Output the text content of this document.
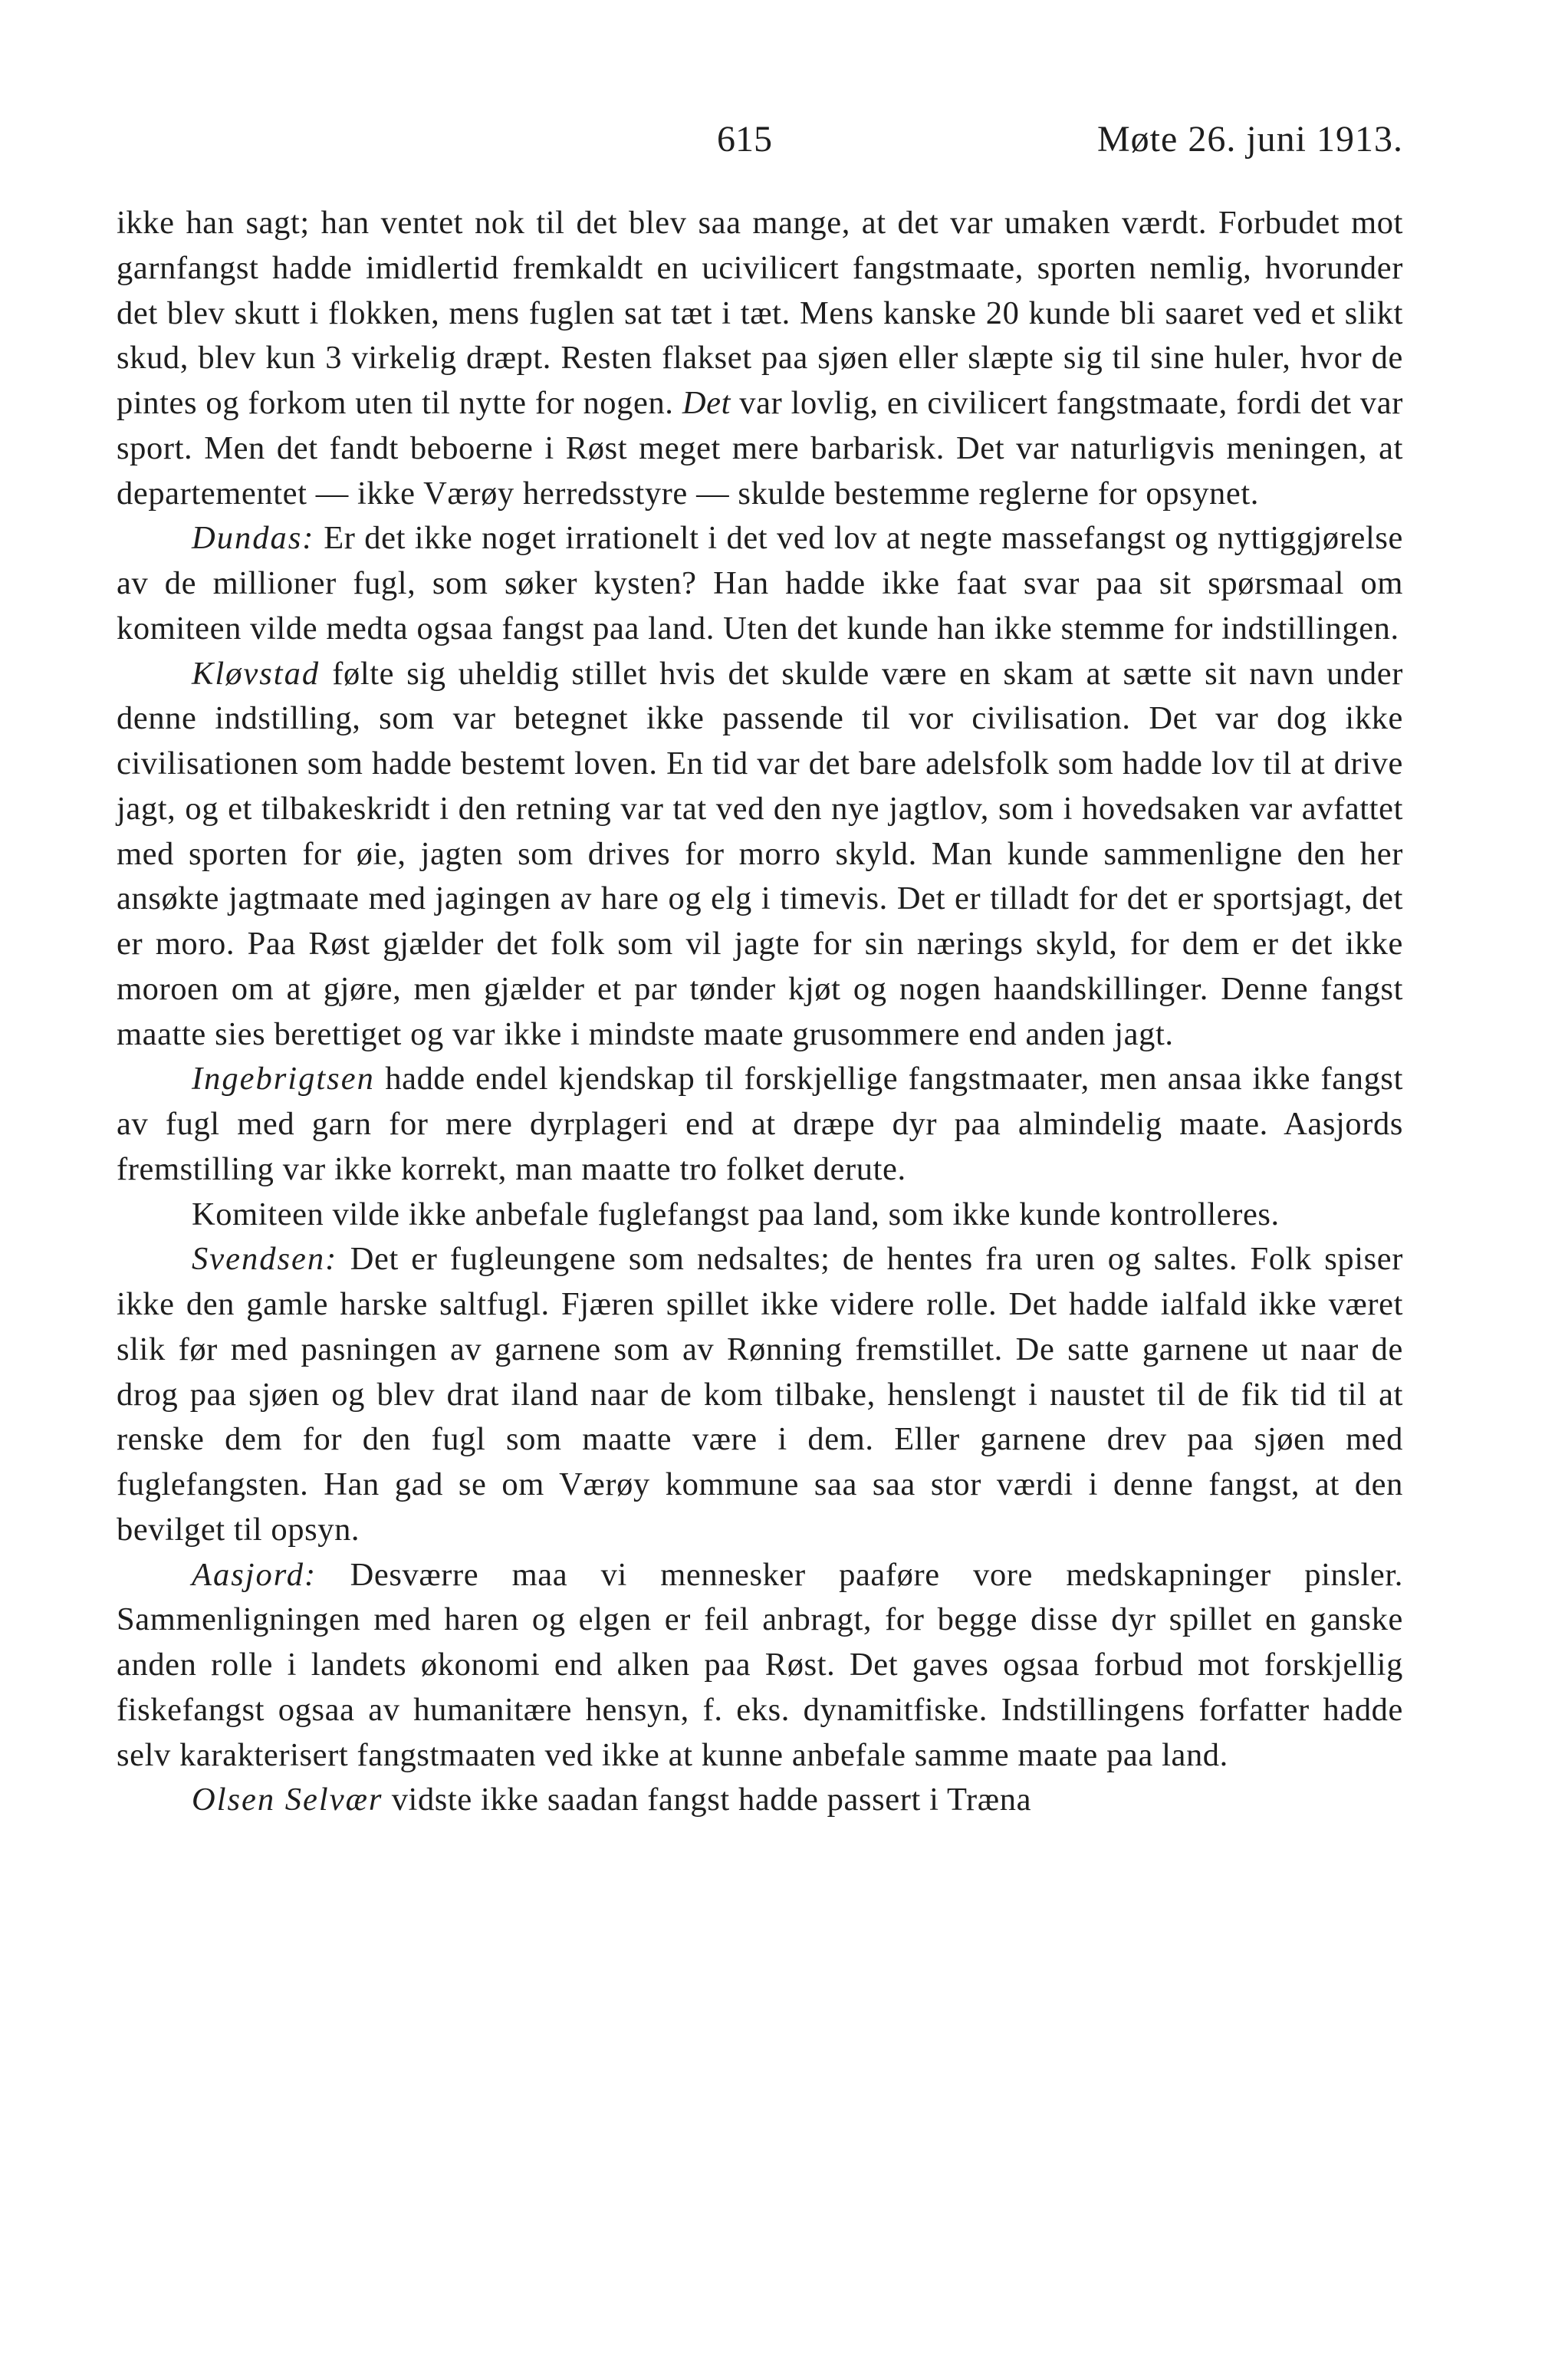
615	Møte 26. juni 1913.

ikke han sagt; han ventet nok til det blev saa mange, at det var umaken værdt. Forbudet mot garnfangst hadde imidlertid fremkaldt en ucivilicert fangstmaate, sporten nemlig, hvorunder det blev skutt i flokken, mens fuglen sat tæt i tæt. Mens kanske 20 kunde bli saaret ved et slikt skud, blev kun 3 virkelig dræpt. Resten flakset paa sjøen eller slæpte sig til sine huler, hvor de pintes og forkom uten til nytte for nogen. Det var lovlig, en civilicert fangstmaate, fordi det var sport. Men det fandt beboerne i Røst meget mere barbarisk. Det var naturligvis meningen, at departementet — ikke Værøy herredsstyre — skulde bestemme reglerne for opsynet.

Dundas: Er det ikke noget irrationelt i det ved lov at negte massefangst og nyttiggjørelse av de millioner fugl, som søker kysten? Han hadde ikke faat svar paa sit spørsmaal om komiteen vilde medta ogsaa fangst paa land. Uten det kunde han ikke stemme for indstillingen.

Kløvstad følte sig uheldig stillet hvis det skulde være en skam at sætte sit navn under denne indstilling, som var betegnet ikke passende til vor civilisation. Det var dog ikke civilisationen som hadde bestemt loven. En tid var det bare adelsfolk som hadde lov til at drive jagt, og et tilbakeskridt i den retning var tat ved den nye jagtlov, som i hovedsaken var avfattet med sporten for øie, jagten som drives for morro skyld. Man kunde sammenligne den her ansøkte jagtmaate med jagingen av hare og elg i timevis. Det er tilladt for det er sportsjagt, det er moro. Paa Røst gjælder det folk som vil jagte for sin nærings skyld, for dem er det ikke moroen om at gjøre, men gjælder et par tønder kjøt og nogen haandskillinger. Denne fangst maatte sies berettiget og var ikke i mindste maate grusommere end anden jagt.

Ingebrigtsen hadde endel kjendskap til forskjellige fangstmaater, men ansaa ikke fangst av fugl med garn for mere dyrplageri end at dræpe dyr paa almindelig maate. Aasjords fremstilling var ikke korrekt, man maatte tro folket derute.

Komiteen vilde ikke anbefale fuglefangst paa land, som ikke kunde kontrolleres.

Svendsen: Det er fugleungene som nedsaltes; de hentes fra uren og saltes. Folk spiser ikke den gamle harske saltfugl. Fjæren spillet ikke videre rolle. Det hadde ialfald ikke været slik før med pasningen av garnene som av Rønning fremstillet. De satte garnene ut naar de drog paa sjøen og blev drat iland naar de kom tilbake, henslengt i naustet til de fik tid til at renske dem for den fugl som maatte være i dem. Eller garnene drev paa sjøen med fuglefangsten. Han gad se om Værøy kommune saa saa stor værdi i denne fangst, at den bevilget til opsyn.

Aasjord: Desværre maa vi mennesker paaføre vore medskapninger pinsler. Sammenligningen med haren og elgen er feil anbragt, for begge disse dyr spillet en ganske anden rolle i landets økonomi end alken paa Røst. Det gaves ogsaa forbud mot forskjellig fiskefangst ogsaa av humanitære hensyn, f. eks. dynamitfiske. Indstillingens forfatter hadde selv karakterisert fangstmaaten ved ikke at kunne anbefale samme maate paa land.

Olsen Selvær vidste ikke saadan fangst hadde passert i Træna
